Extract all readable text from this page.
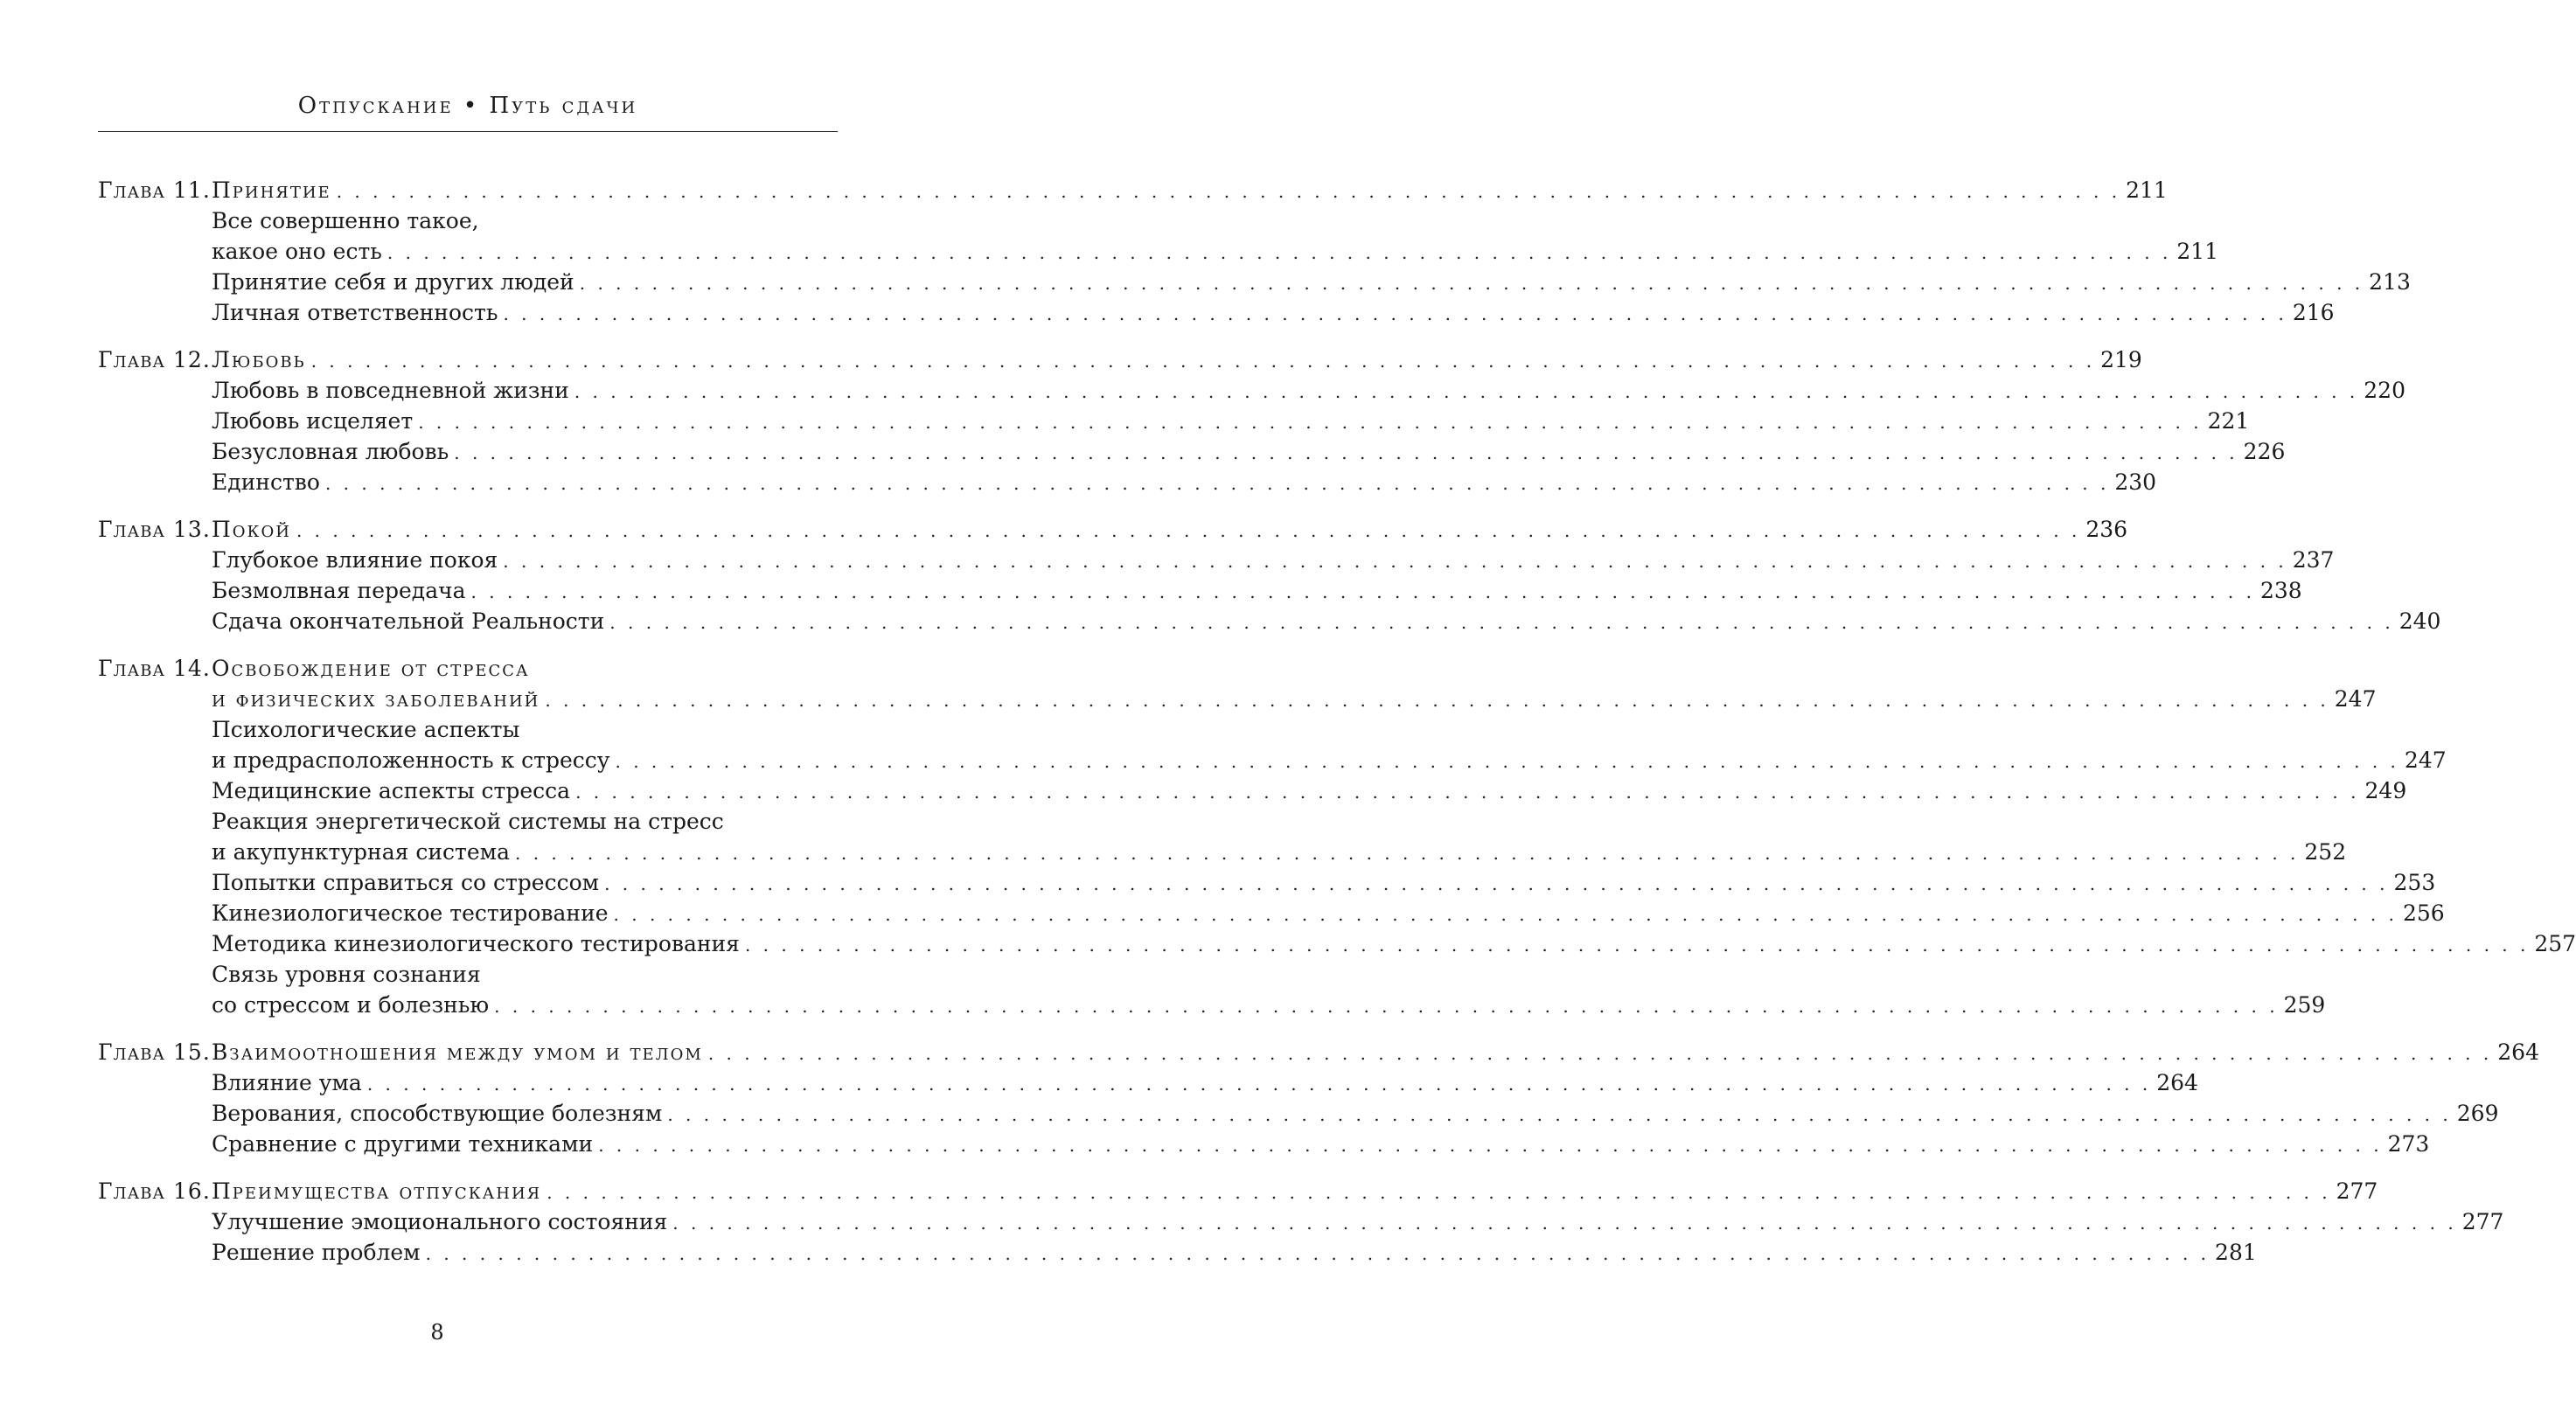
Отпускание • Путь сдачи
Глава 11. Принятие . . .	211
Все совершенно такое,
какое оно есть . . .	211
Принятие себя и других людей . . .	213
Личная ответственность . . .	216
Глава 12. Любовь . . .	219
Любовь в повседневной жизни . . .	220
Любовь исцеляет . . .	221
Безусловная любовь . . .	226
Единство . . .	230
Глава 13. Покой . . .	236
Глубокое влияние покоя . . .	237
Безмолвная передача . . .	238
Сдача окончательной Реальности . . .	240
Глава 14. Освобождение от стресса
и физических заболеваний . . .	247
Психологические аспекты
и предрасположенность к стрессу . . .	247
Медицинские аспекты стресса . . .	249
Реакция энергетической системы на стресс
и акупунктурная система . . .	252
Попытки справиться со стрессом . . .	253
Кинезиологическое тестирование . . .	256
Методика кинезиологического тестирования . . .	257
Связь уровня сознания
со стрессом и болезнью . . .	259
Глава 15. Взаимоотношения между умом и телом . . .	264
Влияние ума . . .	264
Верования, способствующие болезням . . .	269
Сравнение с другими техниками . . .	273
Глава 16. Преимущества отпускания . . .	277
Улучшение эмоционального состояния . . .	277
Решение проблем . . .	281
8
